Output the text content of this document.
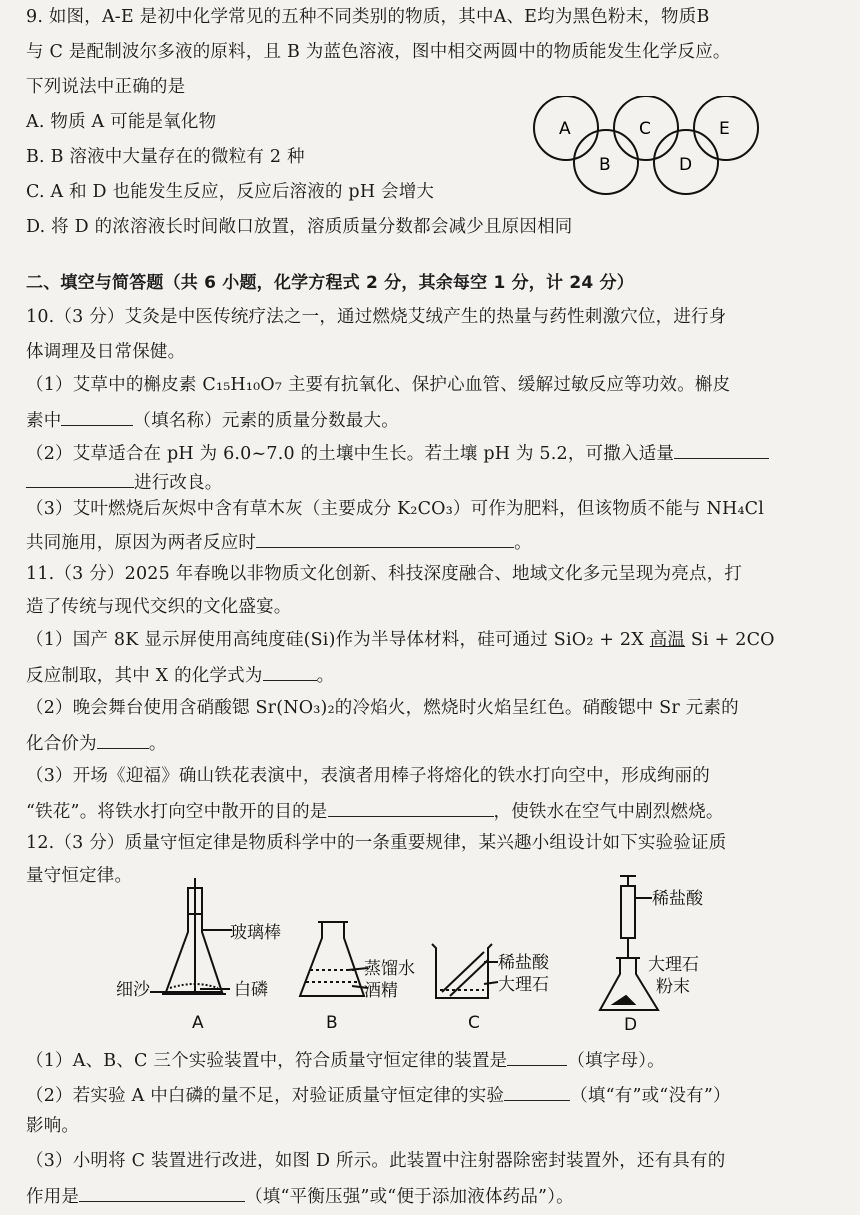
9. 如图，A-E 是初中化学常见的五种不同类别的物质，其中A、E均为黑色粉末，物质B
与 C 是配制波尔多液的原料，且 B 为蓝色溶液，图中相交两圆中的物质能发生化学反应。
下列说法中正确的是
A. 物质 A 可能是氧化物
B. B 溶液中大量存在的微粒有 2 种
C. A 和 D 也能发生反应，反应后溶液的 pH 会增大
D. 将 D 的浓溶液长时间敞口放置，溶质质量分数都会减少且原因相同
A
B
C
D
E
二、填空与简答题（共 6 小题，化学方程式 2 分，其余每空 1 分，计 24 分）
10.（3 分）艾灸是中医传统疗法之一，通过燃烧艾绒产生的热量与药性刺激穴位，进行身
体调理及日常保健。
（1）艾草中的槲皮素 C₁₅H₁₀O₇ 主要有抗氧化、保护心血管、缓解过敏反应等功效。槲皮
素中	（填名称）元素的质量分数最大。
（2）艾草适合在 pH 为 6.0~7.0 的土壤中生长。若土壤 pH 为 5.2，可撒入适量
进行改良。
（3）艾叶燃烧后灰烬中含有草木灰（主要成分 K₂CO₃）可作为肥料，但该物质不能与 NH₄Cl
共同施用，原因为两者反应时	。
11.（3 分）2025 年春晚以非物质文化创新、科技深度融合、地域文化多元呈现为亮点，打
造了传统与现代交织的文化盛宴。
（1）国产 8K 显示屏使用高纯度硅(Si)作为半导体材料，硅可通过 SiO₂ + 2X 高温 Si + 2CO
反应制取，其中 X 的化学式为	。
（2）晚会舞台使用含硝酸锶 Sr(NO₃)₂的冷焰火，燃烧时火焰呈红色。硝酸锶中 Sr 元素的
化合价为	。
（3）开场《迎福》确山铁花表演中，表演者用棒子将熔化的铁水打向空中，形成绚丽的
“铁花”。将铁水打向空中散开的目的是	，使铁水在空气中剧烈燃烧。
12.（3 分）质量守恒定律是物质科学中的一条重要规律，某兴趣小组设计如下实验验证质
量守恒定律。
玻璃棒
白磷
细沙
A
蒸馏水
酒精
B
稀盐酸
大理石
C
稀盐酸
大理石
粉末
D
（1）A、B、C 三个实验装置中，符合质量守恒定律的装置是	（填字母）。
（2）若实验 A 中白磷的量不足，对验证质量守恒定律的实验	（填“有”或“没有”）
影响。
（3）小明将 C 装置进行改进，如图 D 所示。此装置中注射器除密封装置外，还有具有的
作用是	（填“平衡压强”或“便于添加液体药品”）。
